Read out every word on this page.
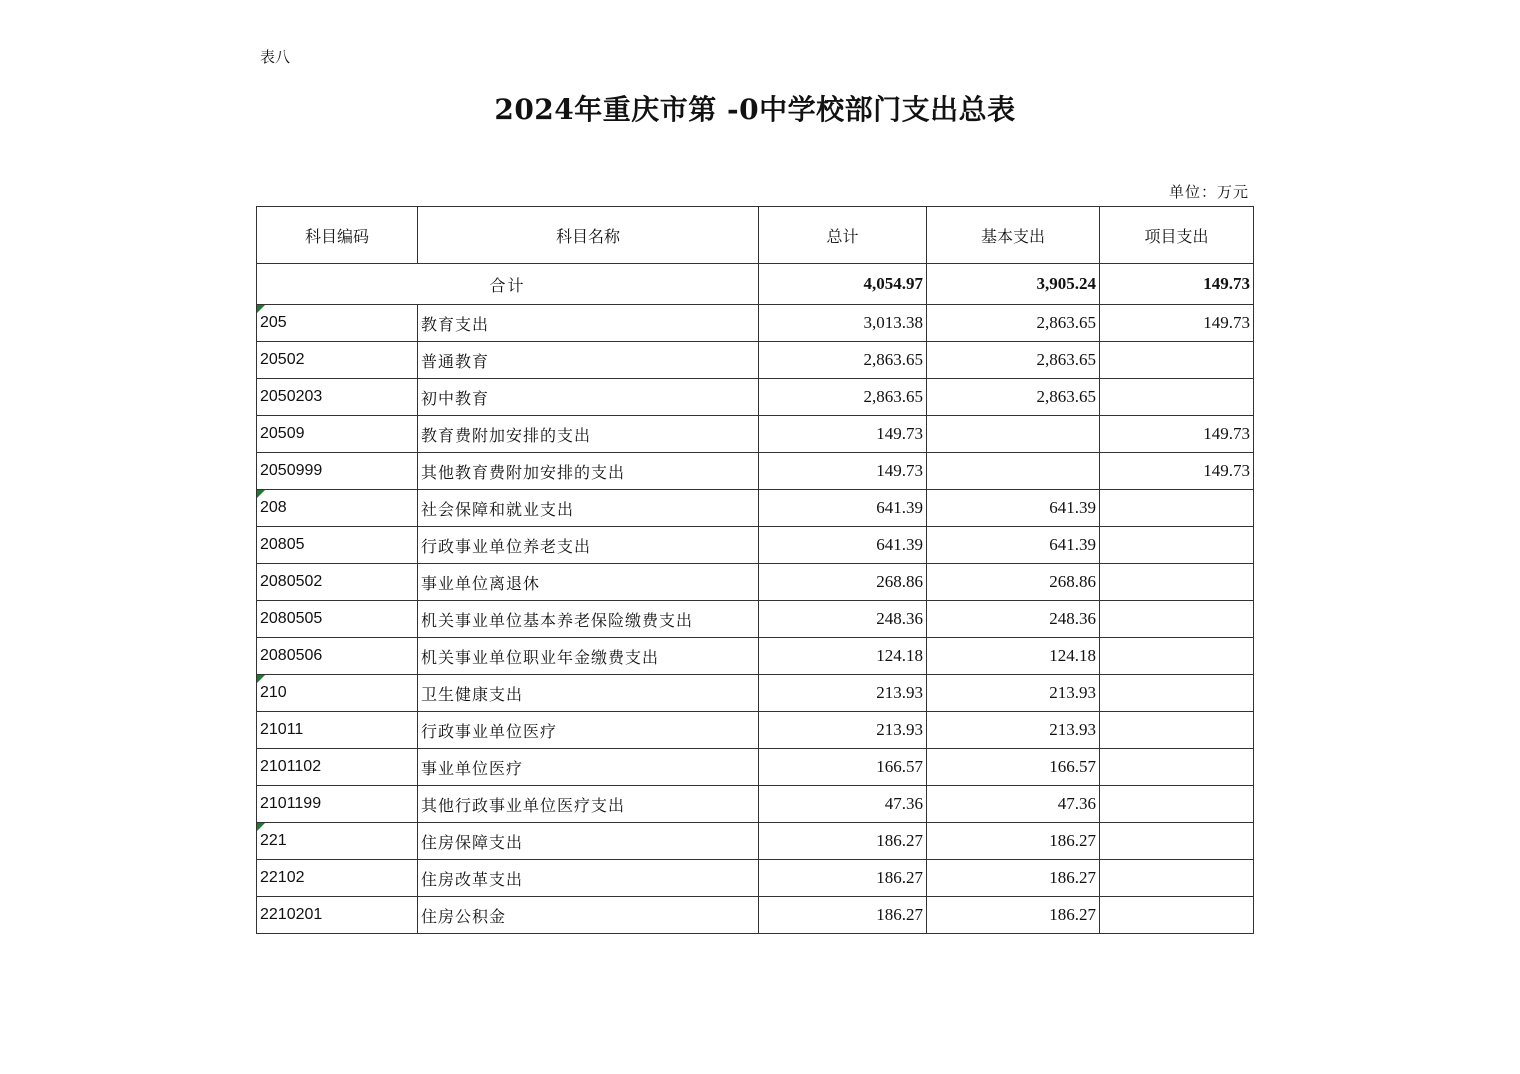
表八
2024年重庆市第 -0中学校部门支出总表
单位：万元
科目编码	科目名称	总计	基本支出	项目支出
合计		4,054.97	3,905.24	149.73

205	教育支出	3,013.38	2,863.65	149.73
20502	普通教育	2,863.65	2,863.65	
2050203	初中教育	2,863.65	2,863.65	
20509	教育费附加安排的支出	149.73		149.73
2050999	其他教育费附加安排的支出	149.73		149.73

208	社会保障和就业支出	641.39	641.39	
20805	行政事业单位养老支出	641.39	641.39	
2080502	事业单位离退休	268.86	268.86	
2080505	机关事业单位基本养老保险缴费支出	248.36	248.36	
2080506	机关事业单位职业年金缴费支出	124.18	124.18	

210	卫生健康支出	213.93	213.93	
21011	行政事业单位医疗	213.93	213.93	
2101102	事业单位医疗	166.57	166.57	
2101199	其他行政事业单位医疗支出	47.36	47.36	

221	住房保障支出	186.27	186.27	
22102	住房改革支出	186.27	186.27	
2210201	住房公积金	186.27	186.27	
